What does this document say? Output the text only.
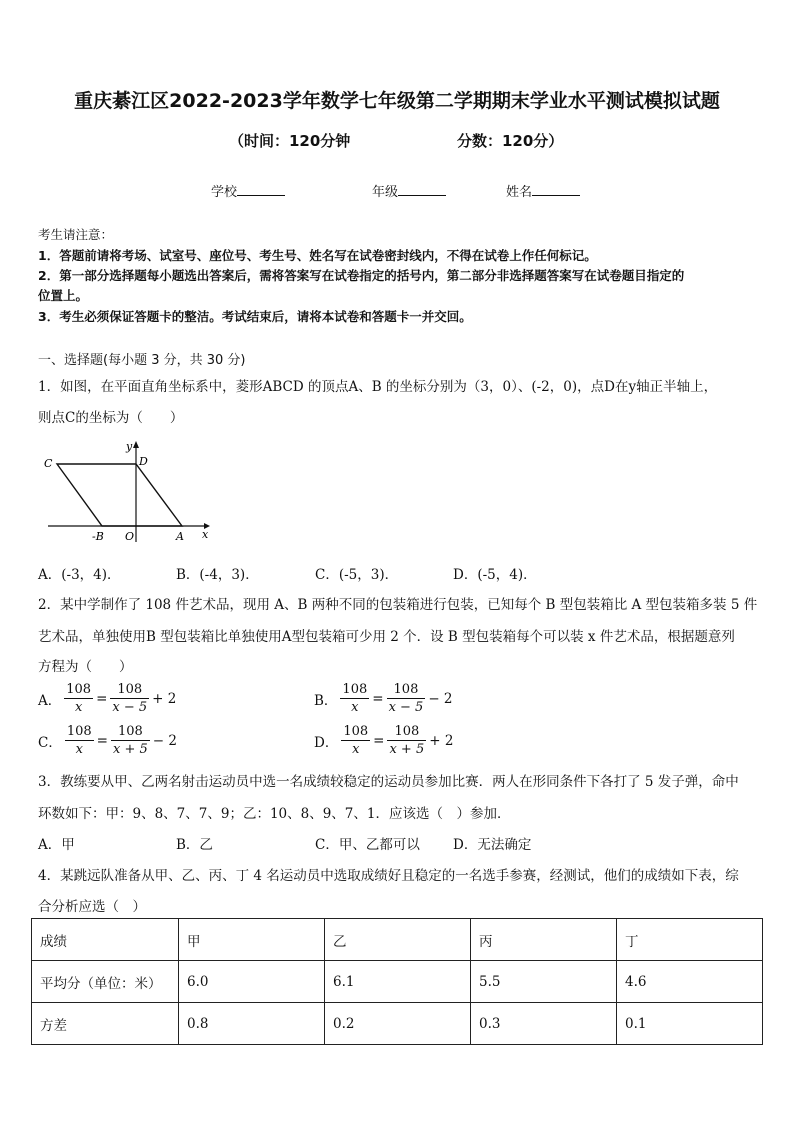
重庆綦江区2022-2023学年数学七年级第二学期期末学业水平测试模拟试题
（时间：120分钟	分数：120分）
学校	年级	姓名
考生请注意：
1．答题前请将考场、试室号、座位号、考生号、姓名写在试卷密封线内，不得在试卷上作任何标记。
2．第一部分选择题每小题选出答案后，需将答案写在试卷指定的括号内，第二部分非选择题答案写在试卷题目指定的
位置上。
3．考生必须保证答题卡的整洁。考试结束后，请将本试卷和答题卡一并交回。
一、选择题(每小题 3 分，共 30 分)
1．如图，在平面直角坐标系中，菱形ABCD 的顶点A、B 的坐标分别为（3，0）、(-2，0)，点D在y轴正半轴上，
则点C的坐标为（　　）
C	D
y
-B O	A x
A．(-3，4)．	B．(-4，3)．	C．(-5，3)．	D．(-5，4)．
2．某中学制作了 108 件艺术品，现用 A、B 两种不同的包装箱进行包装，已知每个 B 型包装箱比 A 型包装箱多装 5 件
艺术品，单独使用B 型包装箱比单独使用A型包装箱可少用 2 个．设 B 型包装箱每个可以装 x 件艺术品，根据题意列
方程为（　　）
A． $\frac{108}{x} = \frac{108}{x - 5} + 2$	B． $\frac{108}{x} = \frac{108}{x - 5} - 2$
C． $\frac{108}{x} = \frac{108}{x + 5} - 2$	D． $\frac{108}{x} = \frac{108}{x + 5} + 2$
3．教练要从甲、乙两名射击运动员中选一名成绩较稳定的运动员参加比赛．两人在形同条件下各打了 5 发子弹，命中
环数如下：甲：9、8、7、7、9；乙：10、8、9、7、1．应该选（　）参加．
A．甲	B．乙	C．甲、乙都可以 D．无法确定
4．某跳远队准备从甲、乙、丙、丁 4 名运动员中选取成绩好且稳定的一名选手参赛，经测试，他们的成绩如下表，综
合分析应选（　）
成绩	甲	乙	丙	丁
平均分（单位：米）	6.0	6.1	5.5	4.6
方差	0.8	0.2	0.3	0.1
